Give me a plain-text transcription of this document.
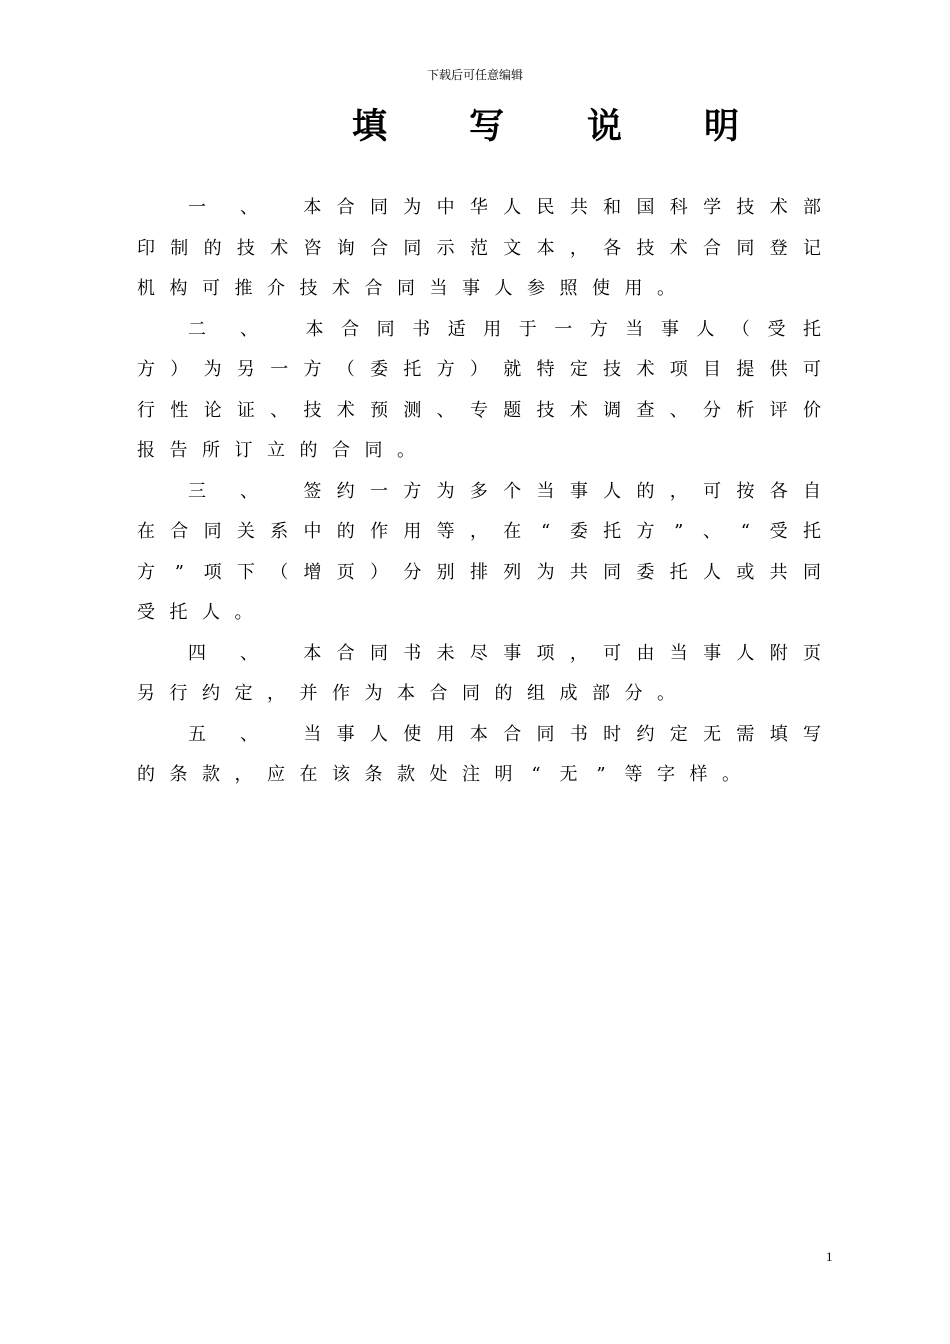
下载后可任意编辑
填 写 说 明
一 、	本 合 同 为 中 华 人 民 共 和 国 科 学 技 术 部
印 制 的 技 术 咨 询 合 同 示 范 文 本 ， 各 技 术 合 同 登 记
机 构 可 推 介 技 术 合 同 当 事 人 参 照 使 用 。
二 、	本 合 同 书 适 用 于 一 方 当 事 人 （ 受 托
方 ） 为 另 一 方 （ 委 托 方 ） 就 特 定 技 术 项 目 提 供 可
行 性 论 证 、 技 术 预 测 、 专 题 技 术 调 查 、 分 析 评 价
报 告 所 订 立 的 合 同 。
三 、	签 约 一 方 为 多 个 当 事 人 的 ， 可 按 各 自
在 合 同 关 系 中 的 作 用 等 ， 在 “ 委 托 方 ” 、 “ 受 托
方 ” 项 下 （ 增 页 ） 分 别 排 列 为 共 同 委 托 人 或 共 同
受 托 人 。
四 、	本 合 同 书 未 尽 事 项 ， 可 由 当 事 人 附 页
另 行 约 定 ， 并 作 为 本 合 同 的 组 成 部 分 。
五 、	当 事 人 使 用 本 合 同 书 时 约 定 无 需 填 写
的 条 款 ， 应 在 该 条 款 处 注 明 “ 无 ” 等 字 样 。
1
